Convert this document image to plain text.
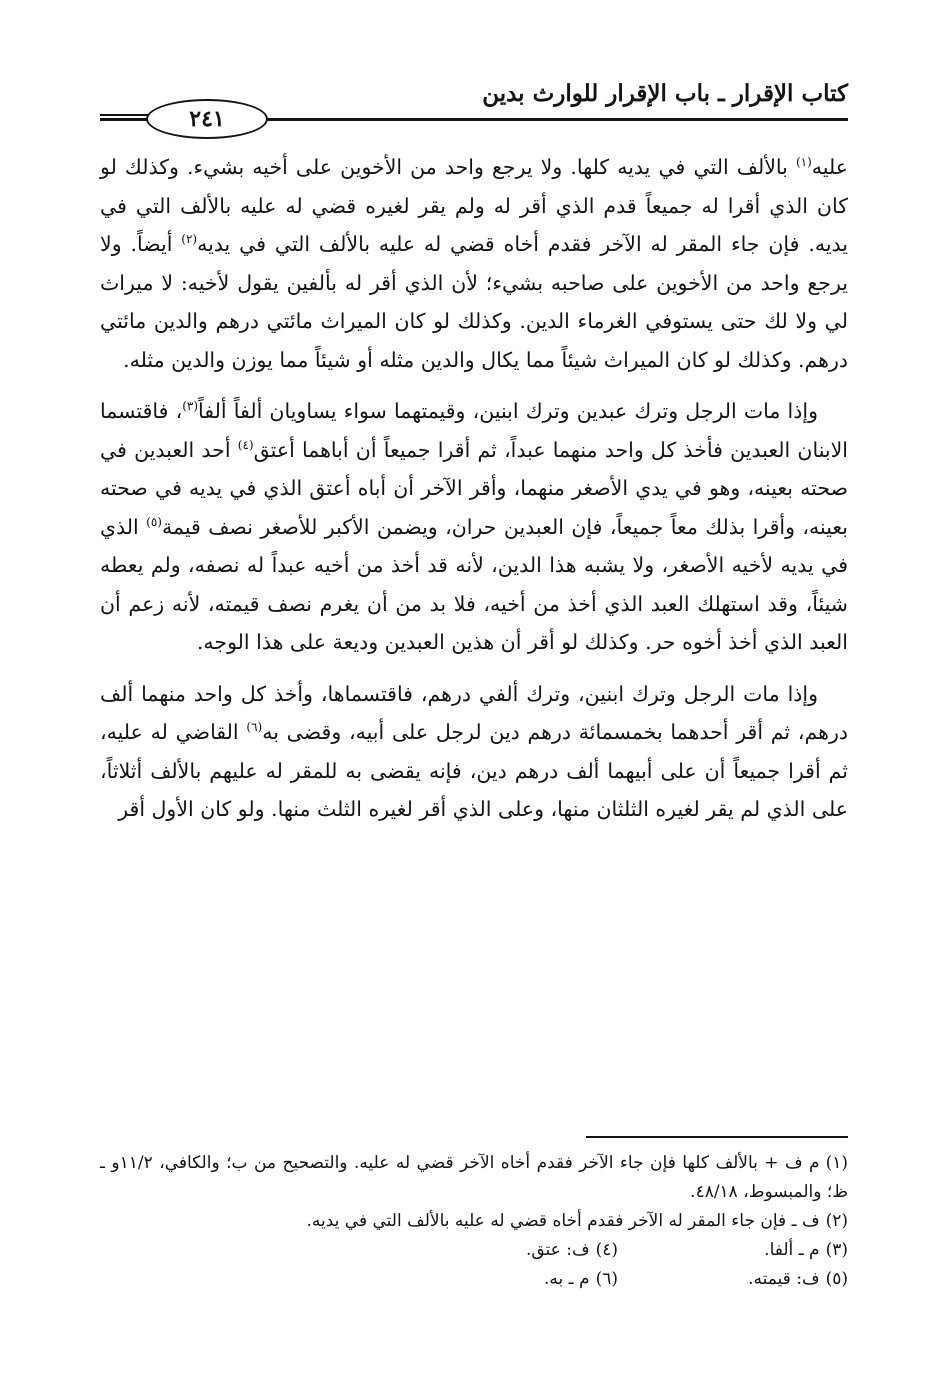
٢٤١
كتاب الإقرار ـ باب الإقرار للوارث بدين

عليه$^{(١)}$ بالألف التي في يديه كلها. ولا يرجع واحد من الأخوين على أخيه بشيء. وكذلك لو كان الذي أقرا له جميعاً قدم الذي أقر له ولم يقر لغيره قضي له عليه بالألف التي في يديه. فإن جاء المقر له الآخر فقدم أخاه قضي له عليه بالألف التي في يديه$^{(٢)}$ أيضاً. ولا يرجع واحد من الأخوين على صاحبه بشيء؛ لأن الذي أقر له بألفين يقول لأخيه: لا ميراث لي ولا لك حتى يستوفي الغرماء الدين. وكذلك لو كان الميراث مائتي درهم والدين مائتي درهم. وكذلك لو كان الميراث شيئاً مما يكال والدين مثله أو شيئاً مما يوزن والدين مثله.

وإذا مات الرجل وترك عبدين وترك ابنين، وقيمتهما سواء يساويان ألفاً ألفاً$^{(٣)}$، فاقتسما الابنان العبدين فأخذ كل واحد منهما عبداً، ثم أقرا جميعاً أن أباهما أعتق$^{(٤)}$ أحد العبدين في صحته بعينه، وهو في يدي الأصغر منهما، وأقر الآخر أن أباه أعتق الذي في يديه في صحته بعينه، وأقرا بذلك معاً جميعاً، فإن العبدين حران، ويضمن الأكبر للأصغر نصف قيمة$^{(٥)}$ الذي في يديه لأخيه الأصغر، ولا يشبه هذا الدين، لأنه قد أخذ من أخيه عبداً له نصفه، ولم يعطه شيئاً، وقد استهلك العبد الذي أخذ من أخيه، فلا بد من أن يغرم نصف قيمته، لأنه زعم أن العبد الذي أخذ أخوه حر. وكذلك لو أقر أن هذين العبدين وديعة على هذا الوجه.

وإذا مات الرجل وترك ابنين، وترك ألفي درهم، فاقتسماها، وأخذ كل واحد منهما ألف درهم، ثم أقر أحدهما بخمسمائة درهم دين لرجل على أبيه، وقضى به$^{(٦)}$ القاضي له عليه، ثم أقرا جميعاً أن على أبيهما ألف درهم دين، فإنه يقضى به للمقر له عليهم بالألف أثلاثاً، على الذي لم يقر لغيره الثلثان منها، وعلى الذي أقر لغيره الثلث منها. ولو كان الأول أقر

(١)م ف + بالألف كلها فإن جاء الآخر فقدم أخاه الآخر قضي له عليه. والتصحيح من ب؛ والكافي، ١١/٢و ـ ظ؛ والمبسوط، ٤٨/١٨.

(٢)ف ـ فإن جاء المقر له الآخر فقدم أخاه قضي له عليه بالألف التي في يديه.

(٣)م ـ ألفا.
(٤)ف: عتق.
(٥)ف: قيمته.
(٦)م ـ به.
